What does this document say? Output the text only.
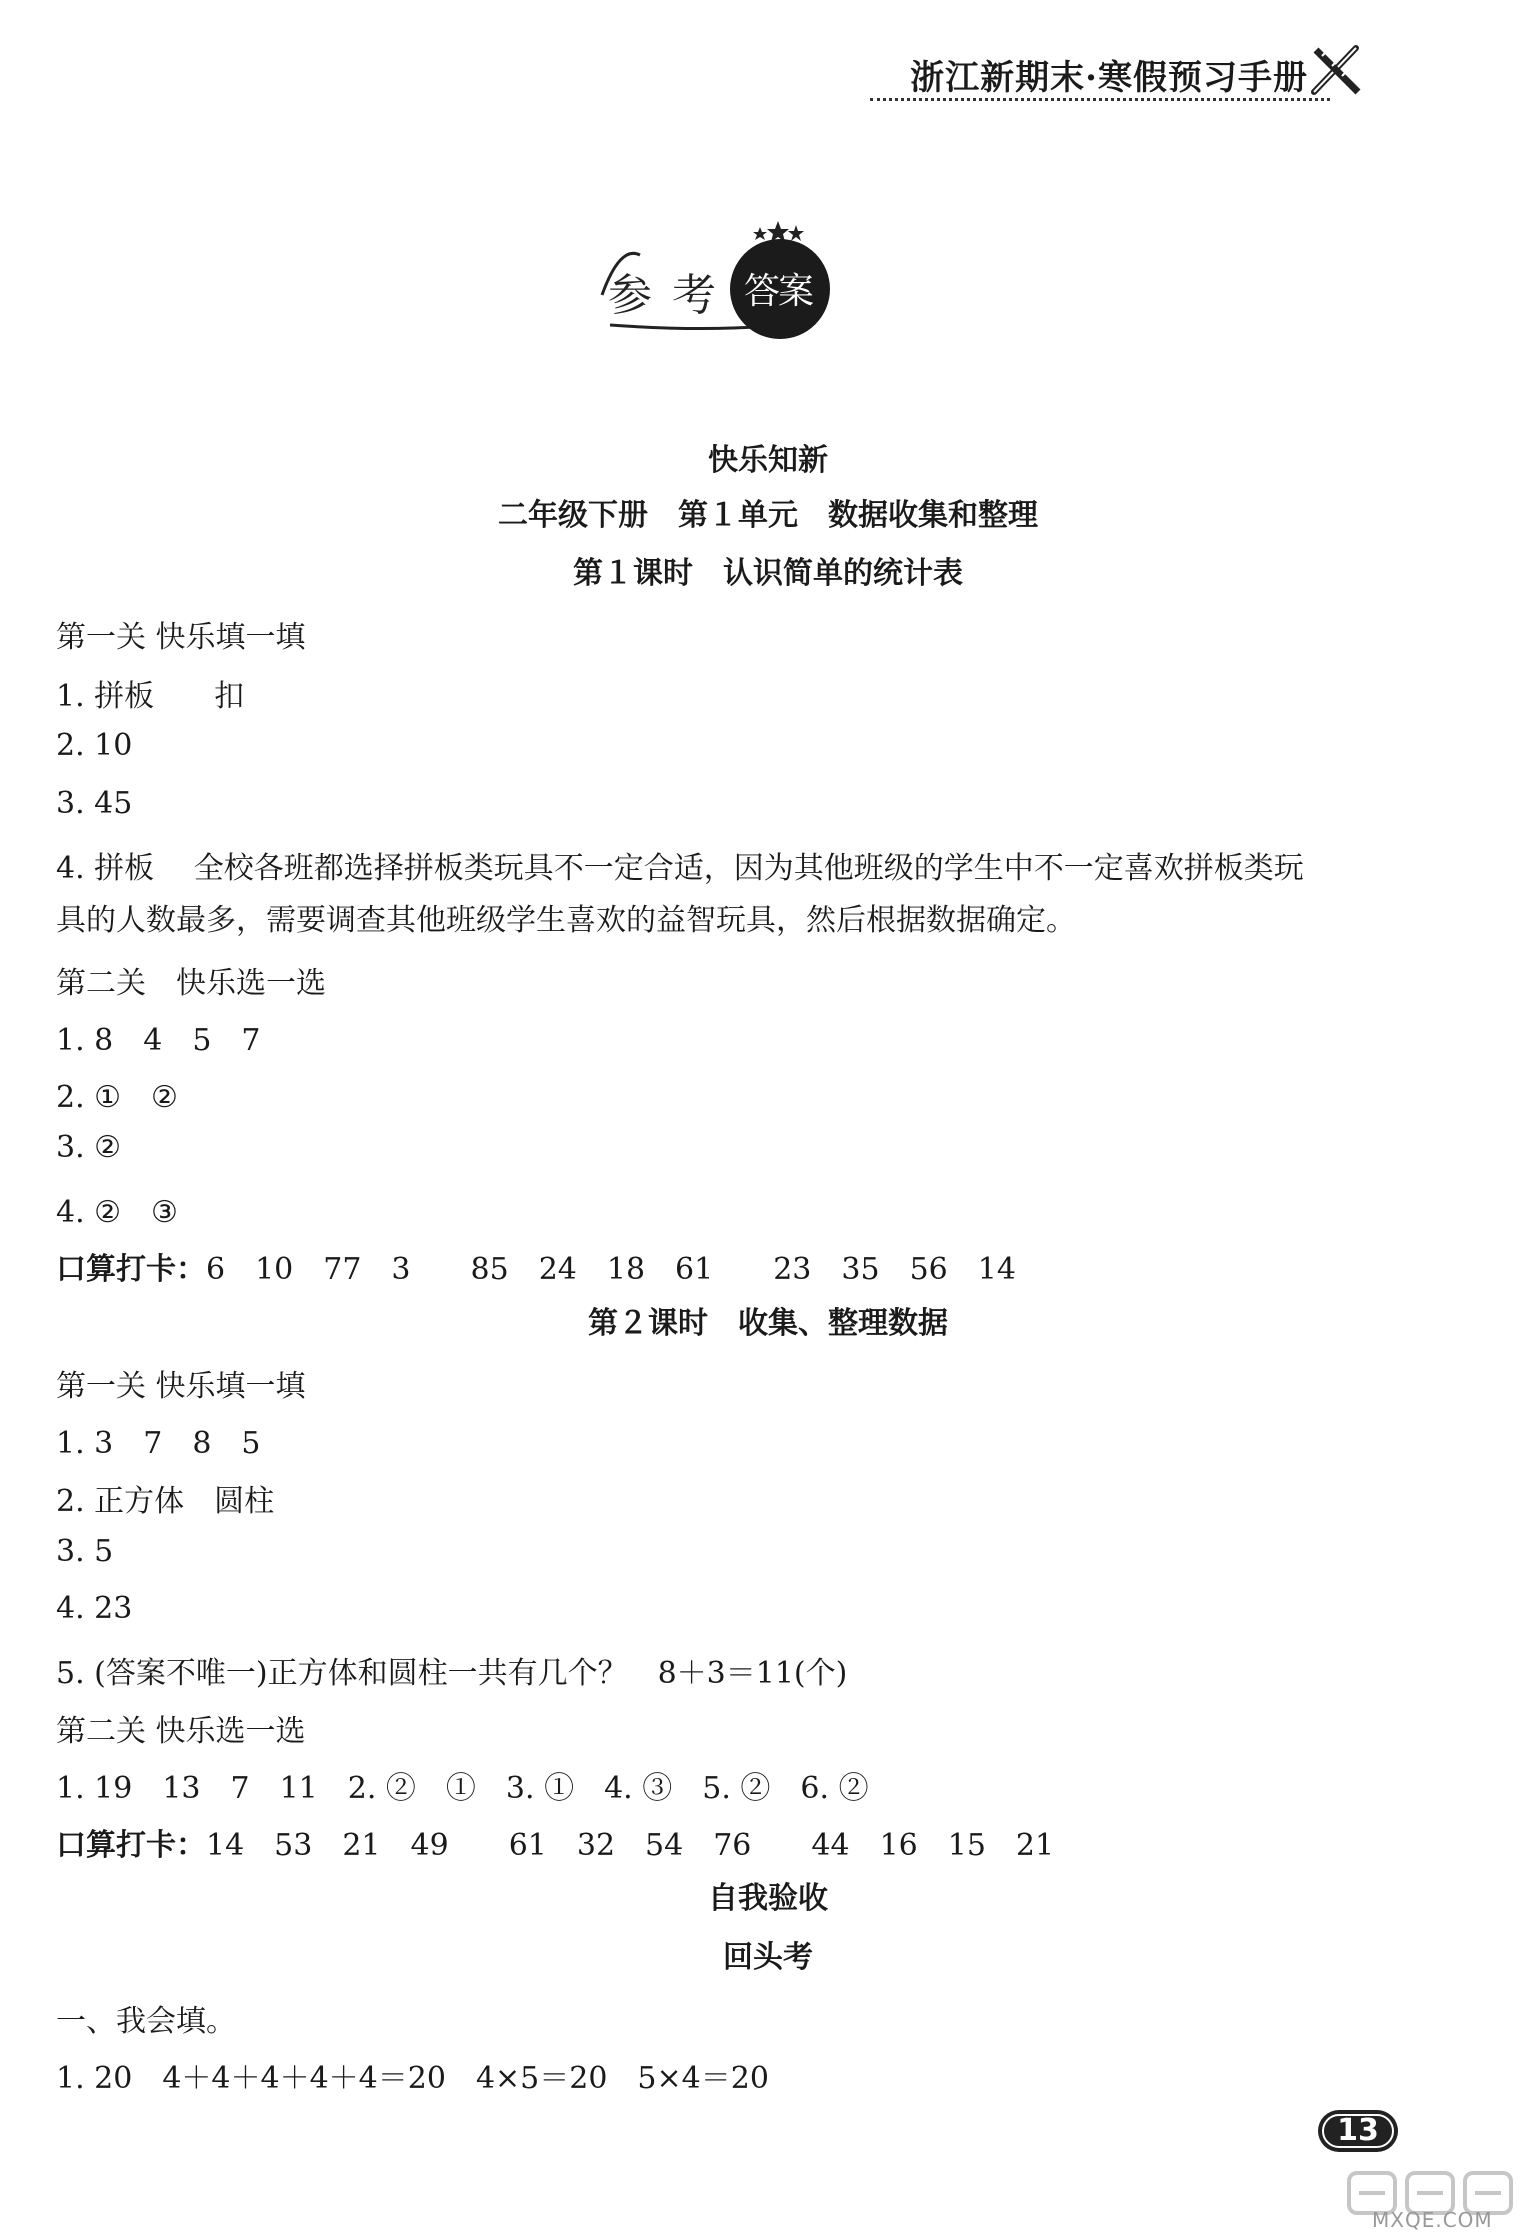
浙江新期末·寒假预习手册
参 考 答案
快乐知新
二年级下册　第１单元　数据收集和整理
第１课时　认识简单的统计表
第一关 快乐填一填
1. 拼板　　扣
2. 10
3. 45
4. 拼板　 全校各班都选择拼板类玩具不一定合适，因为其他班级的学生中不一定喜欢拼板类玩
具的人数最多，需要调查其他班级学生喜欢的益智玩具，然后根据数据确定。
第二关　快乐选一选
1. 8　4　5　7
2. ①　②
3. ②
4. ②　③
口算打卡：6　10　77　3　　85　24　18　61　　23　35　56　14
第２课时　收集、整理数据
第一关 快乐填一填
1. 3　7　8　5
2. 正方体　圆柱
3. 5
4. 23
5. (答案不唯一)正方体和圆柱一共有几个？　8＋3＝11(个)
第二关 快乐选一选
1. 19　13　7　11　2. ②　①　3. ①　4. ③　5. ②　6. ②
口算打卡：14　53　21　49　　61　32　54　76　　44　16　15　21
自我验收
回头考
一、我会填。
1. 20　4＋4＋4＋4＋4＝20　4×5＝20　5×4＝20
13
MXQE.COM
